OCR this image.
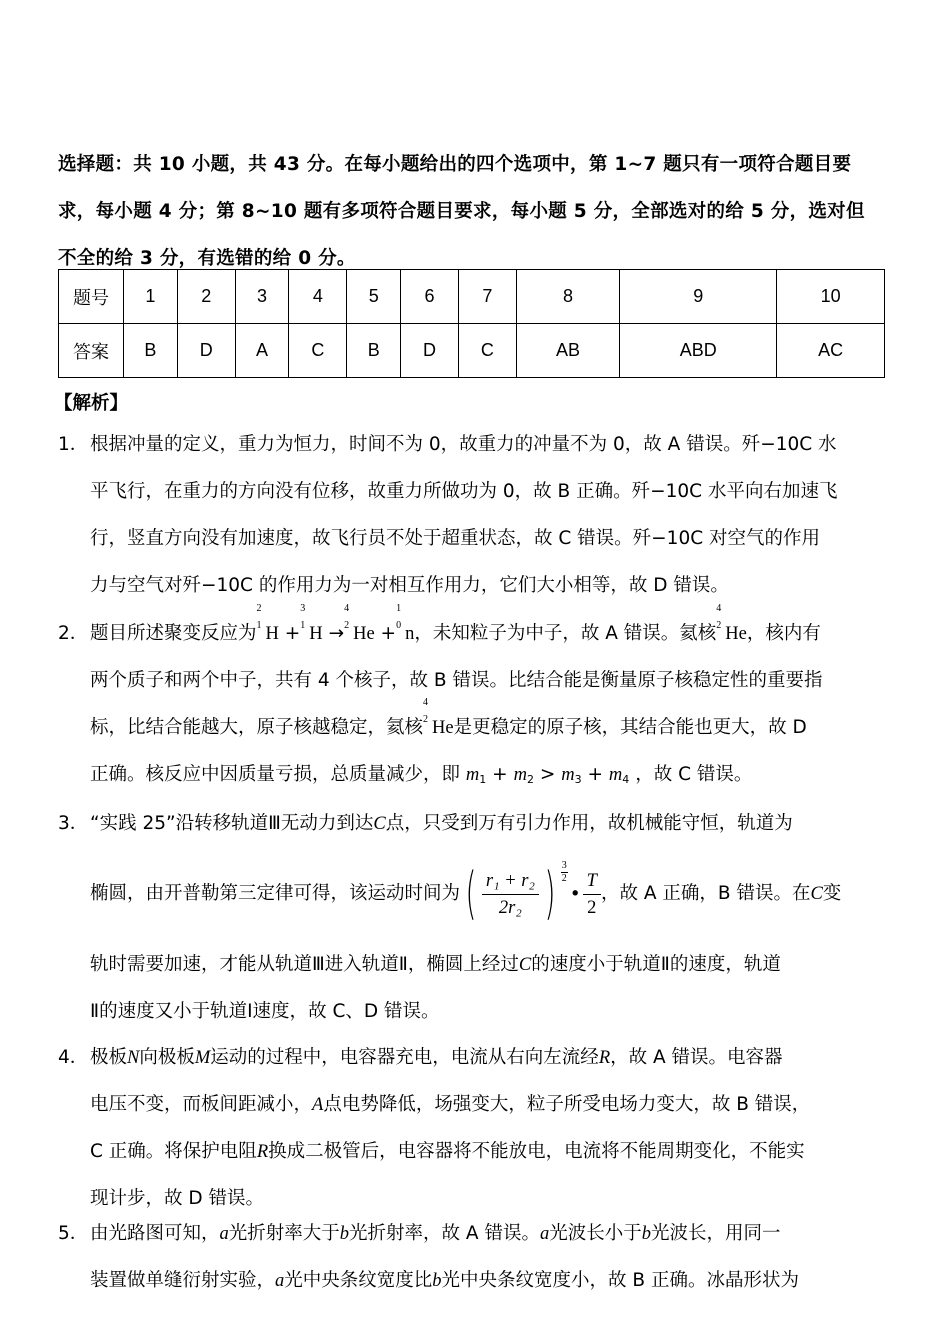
选择题：共 10 小题，共 43 分。在每小题给出的四个选项中，第 1~7 题只有一项符合题目要
求，每小题 4 分；第 8~10 题有多项符合题目要求，每小题 5 分，全部选对的给 5 分，选对但
不全的给 3 分，有选错的给 0 分。
题号	1	2	3	4	5	6	7	8	9	10
答案	B	D	A	C	B	D	C	AB	ABD	AC
【解析】
1． 根据冲量的定义，重力为恒力，时间不为 0，故重力的冲量不为 0，故 A 错误。歼−10C 水
平飞行，在重力的方向没有位移，故重力所做功为 0，故 B 正确。歼−10C 水平向右加速飞
行，竖直方向没有加速度，故飞行员不处于超重状态，故 C 错误。歼−10C 对空气的作用
力与空气对歼−10C 的作用力为一对相互作用力，它们大小相等，故 D 错误。
2． 题目所述聚变反应为
2
1 H +
3
1 H →
4
2 He +
1
0 n，未知粒子为中子，故 A 错误。氦核
4
2 He，核内有
两个质子和两个中子，共有 4 个核子，故 B 错误。比结合能是衡量原子核稳定性的重要指
标，比结合能越大，原子核越稳定，氦核
4
2 He是更稳定的原子核，其结合能也更大，故 D
正确。核反应中因质量亏损，总质量减少，即 $m_1 + m_2 > m_3 + m_4$ ，故 C 错误。
3． “实践 25”沿转移轨道Ⅲ无动力到达C点，只受到万有引力作用，故机械能守恒，轨道为
椭圆，由开普勒第三定律可得，该运动时间为( $\frac{\text{r₁ + r₂}}{\text{2r₂}}$ ) $\frac{3}{2}$
• $\frac{T}{2}$ ，故 A 正确，B 错误。在C变
轨时需要加速，才能从轨道Ⅲ进入轨道Ⅱ，椭圆上经过C的速度小于轨道Ⅱ的速度，轨道
Ⅱ的速度又小于轨道Ⅰ速度，故 C、D 错误。
4． 极板N向极板M运动的过程中，电容器充电，电流从右向左流经R，故 A 错误。电容器
电压不变，而板间距减小，A点电势降低，场强变大，粒子所受电场力变大，故 B 错误，
C 正确。将保护电阻R换成二极管后，电容器将不能放电，电流将不能周期变化，不能实
现计步，故 D 错误。
5． 由光路图可知，a光折射率大于b光折射率，故 A 错误。a光波长小于b光波长，用同一
装置做单缝衍射实验，a光中央条纹宽度比b光中央条纹宽度小，故 B 正确。冰晶形状为
